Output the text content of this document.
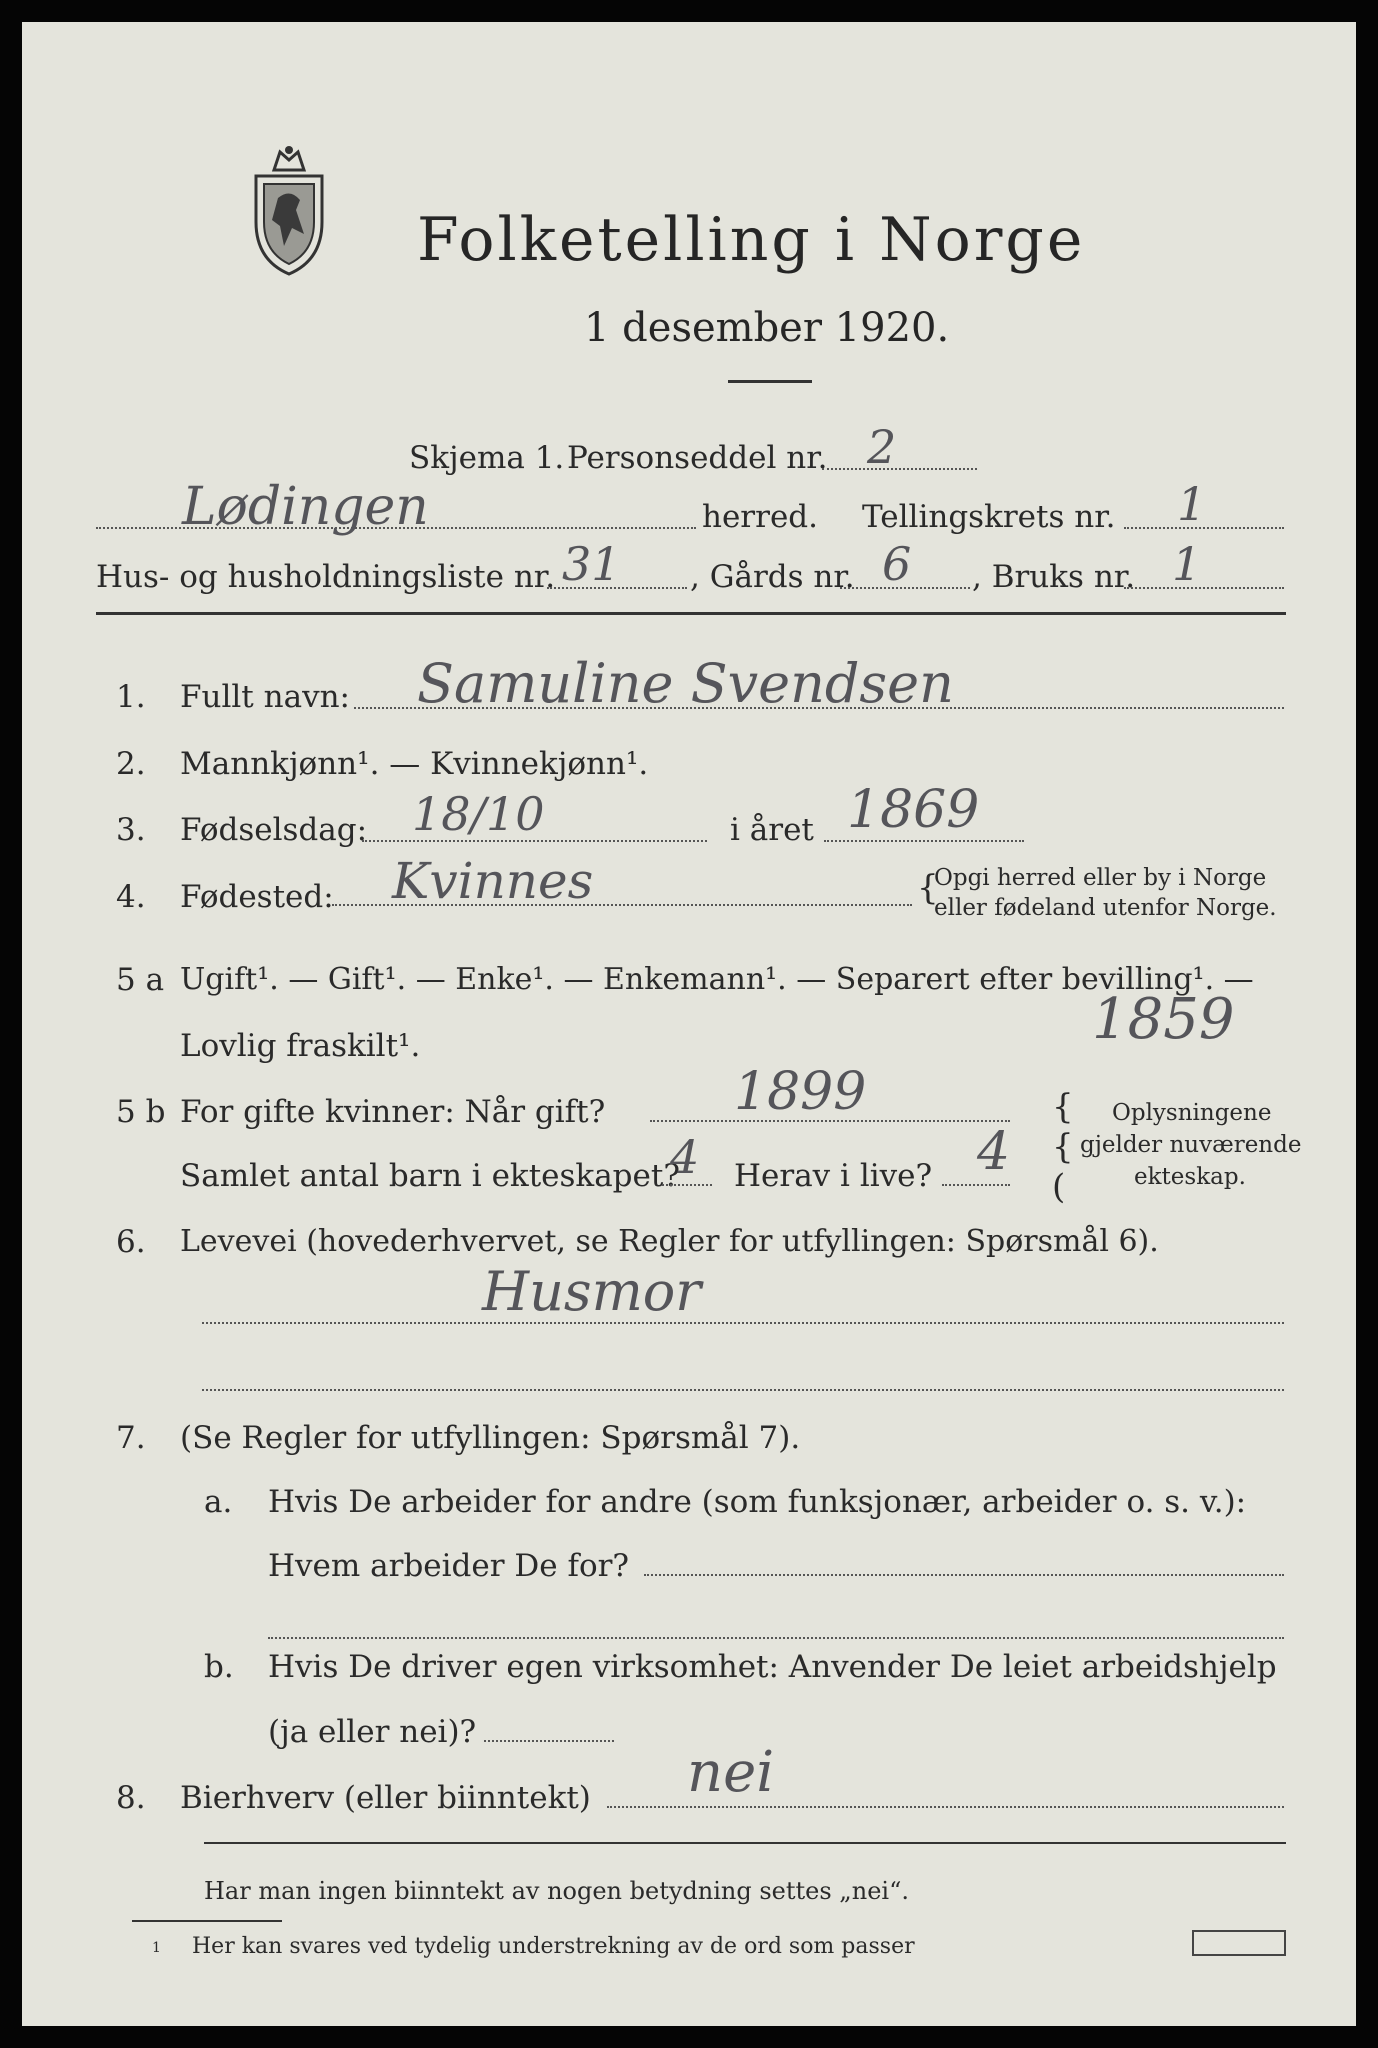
Folketelling i Norge
1 desember 1920.
Skjema 1. Personseddel nr. 2
Lødingen	herred. Tellingskrets nr. 1
Hus- og husholdningsliste nr. 31 , Gårds nr. 6 , Bruks nr. 1
1. Fullt navn: Samuline Svendsen
2. Mannkjønn¹. — Kvinnekjønn¹.
3. Fødselsdag: 18/10	i året 1869
4. Fødested: Kvinnes	{
Opgi herred eller by i Norge
eller fødeland utenfor Norge.
5 a Ugift¹. — Gift¹. — Enke¹. — Enkemann¹. — Separert efter bevilling¹. —
1859
Lovlig fraskilt¹.
5 b For gifte kvinner: Når gift? 1899
Samlet antal barn i ekteskapet?
4 Herav i live? 4
{
{
(
Oplysningene
gjelder nuværende
ekteskap.
6. Levevei (hovederhvervet, se Regler for utfyllingen: Spørsmål 6).
Husmor
7. (Se Regler for utfyllingen: Spørsmål 7).
a. Hvis De arbeider for andre (som funksjonær, arbeider o. s. v.):
Hvem arbeider De for?
b. Hvis De driver egen virksomhet: Anvender De leiet arbeidshjelp
(ja eller nei)?
8. Bierhverv (eller biinntekt) nei
Har man ingen biinntekt av nogen betydning settes „nei“.
1 Her kan svares ved tydelig understrekning av de ord som passer
